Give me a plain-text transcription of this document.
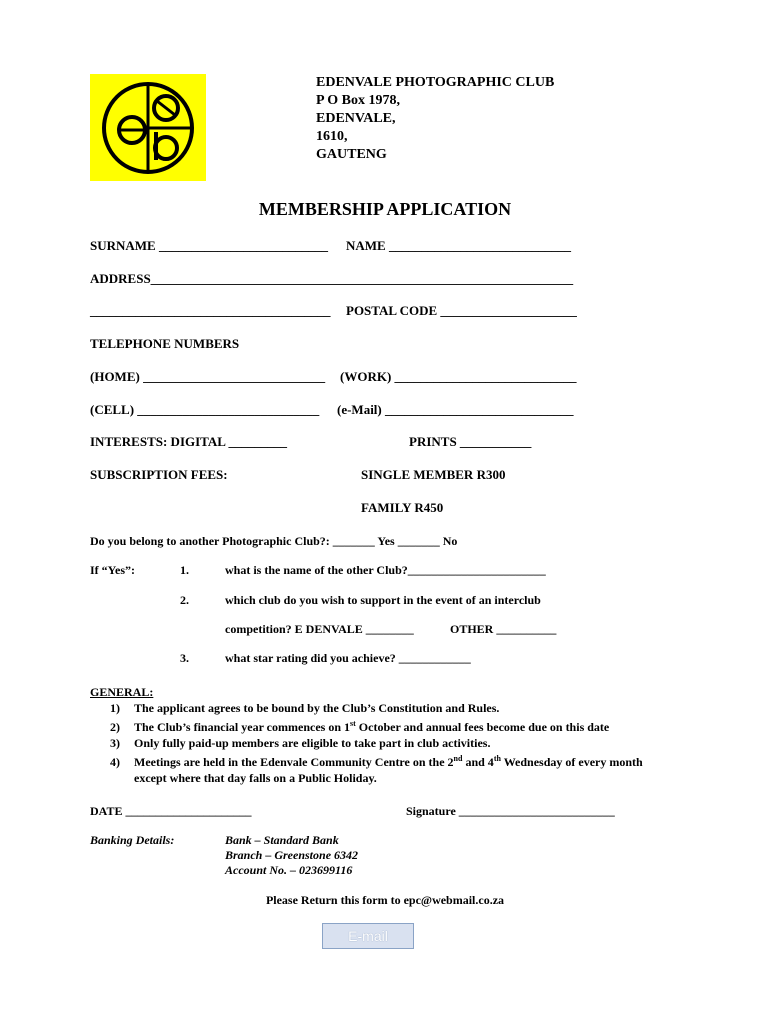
EDENVALE PHOTOGRAPHIC CLUB
P O Box 1978,
EDENVALE,
1610,
GAUTENG
MEMBERSHIP APPLICATION
SURNAME __________________________ NAME ____________________________
ADDRESS_________________________________________________________________
_____________________________________ POSTAL CODE _____________________
TELEPHONE NUMBERS
(HOME) ____________________________ (WORK) ____________________________
(CELL) ____________________________ (e-Mail) _____________________________
INTERESTS: DIGITAL _________	PRINTS ___________
SUBSCRIPTION FEES:	SINGLE MEMBER R300
FAMILY R450
Do you belong to another Photographic Club?: _______ Yes _______ No
If “Yes”:	1.	what is the name of the other Club?_______________________
2.	which club do you wish to support in the event of an interclub
competition? E DENVALE ________	OTHER __________
3.	what star rating did you achieve? ____________
GENERAL:
1) The applicant agrees to be bound by the Club’s Constitution and Rules.
2) The Club’s financial year commences on 1st October and annual fees become due on this date
3) Only fully paid-up members are eligible to take part in club activities.
4) Meetings are held in the Edenvale Community Centre on the 2nd and 4th Wednesday of every month
except where that day falls on a Public Holiday.
DATE _____________________	Signature __________________________
Banking Details:	Bank – Standard Bank
Branch – Greenstone 6342
Account No. – 023699116
Please Return this form to epc@webmail.co.za
E-mail
